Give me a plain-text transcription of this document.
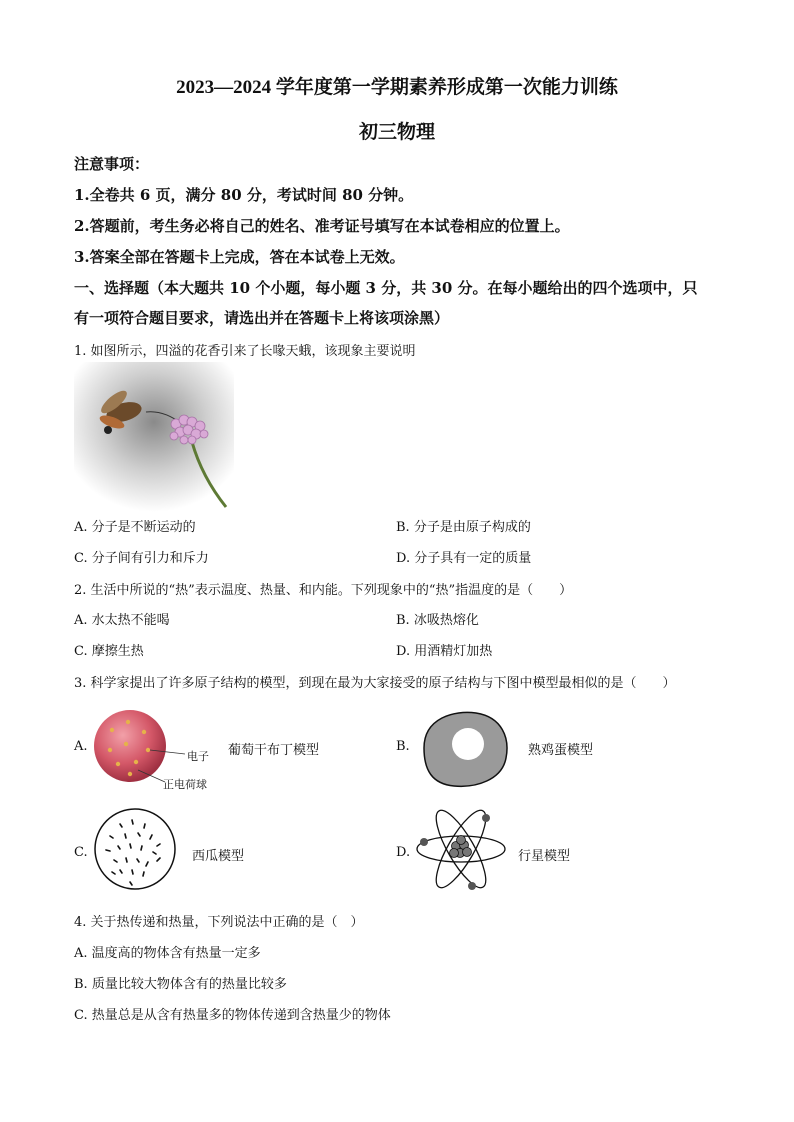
2023—2024 学年度第一学期素养形成第一次能力训练
初三物理
注意事项：
1.全卷共 6 页，满分 80 分，考试时间 80 分钟。
2.答题前，考生务必将自己的姓名、准考证号填写在本试卷相应的位置上。
3.答案全部在答题卡上完成，答在本试卷上无效。
一、选择题（本大题共 10 个小题，每小题 3 分，共 30 分。在每小题给出的四个选项中，只
有一项符合题目要求，请选出并在答题卡上将该项涂黑）
1. 如图所示，四溢的花香引来了长喙天蛾，该现象主要说明
A. 分子是不断运动的	B. 分子是由原子构成的
C. 分子间有引力和斥力	D. 分子具有一定的质量
2. 生活中所说的“热”表示温度、热量、和内能。下列现象中的“热”指温度的是（　　）
A. 水太热不能喝	B. 冰吸热熔化
C. 摩擦生热	D. 用酒精灯加热
3. 科学家提出了许多原子结构的模型，到现在最为大家接受的原子结构与下图中模型最相似的是（　　）
A.
电子
正电荷球
葡萄干布丁模型	B.	熟鸡蛋模型
C.	西瓜模型	D.	行星模型
4. 关于热传递和热量，下列说法中正确的是（　）
A. 温度高的物体含有热量一定多
B. 质量比较大物体含有的热量比较多
C. 热量总是从含有热量多的物体传递到含热量少的物体
